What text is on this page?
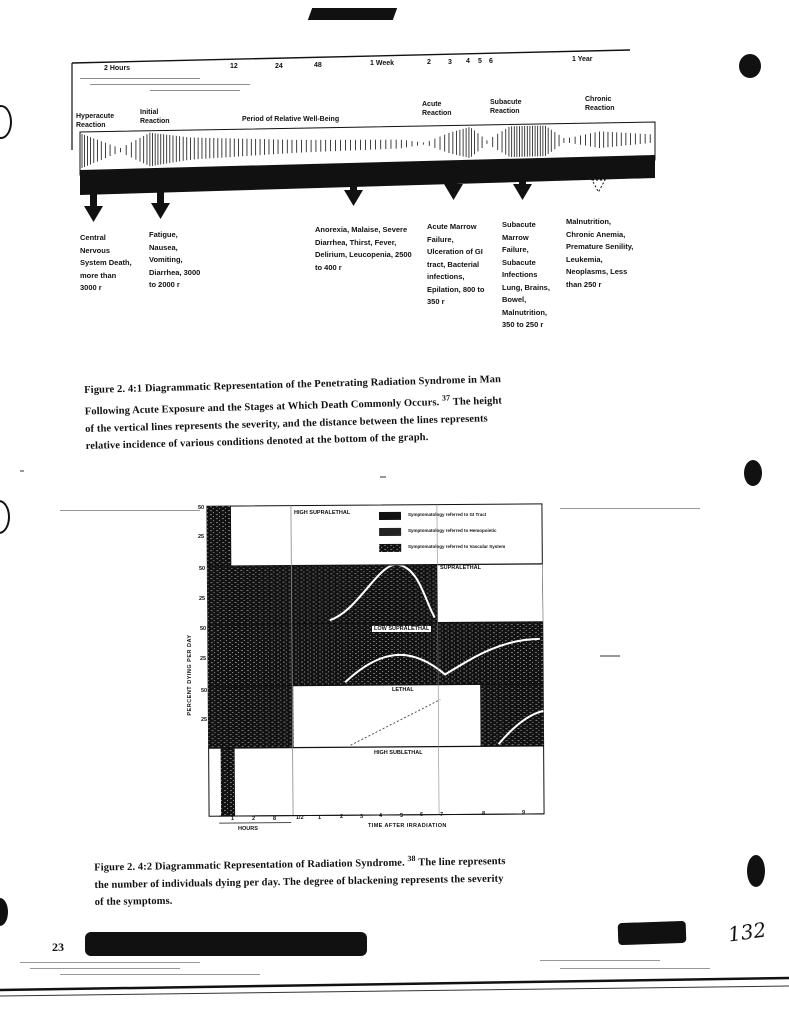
2 Hours	12	24	48	1 Week	2 3 4 5 6	1 Year
Hyperacute Reaction
Initial Reaction	Period of Relative Well-Being
Acute Reaction
Subacute Reaction
Chronic Reaction
Central Nervous System Death, more than 3000 r
Fatigue, Nausea, Vomiting, Diarrhea, 3000 to 2000 r
Anorexia, Malaise, Severe Diarrhea, Thirst, Fever, Delirium, Leucopenia, 2500 to 400 r
Acute Marrow Failure, Ulceration of GI tract, Bacterial infections, Epilation, 800 to 350 r
Subacute Marrow Failure, Subacute Infections Lung, Brains, Bowel, Malnutrition, 350 to 250 r
Malnutrition, Chronic Anemia, Premature Senility, Leukemia, Neoplasms, Less than 250 r
Figure 2. 4:1 Diagrammatic Representation of the Penetrating Radiation Syndrome in Man
Following Acute Exposure and the Stages at Which Death Commonly Occurs. $^{37}$ The height
of the vertical lines represents the severity, and the distance between the lines represents
relative incidence of various conditions denoted at the bottom of the graph.
HIGH SUPRALETHAL
SUPRALETHAL
LOW SUPRALETHAL
LETHAL
HIGH SUBLETHAL
Symptomatology referred to GI Tract
Symptomatology referred to Hemopoietic
Symptomatology referred to Vascular System
PERCENT DYING PER DAY
50
25
50
25
50
25
50
25
1	2	8	1/2	1	2	3	4	5	6	7	8	9
HOURS	TIME AFTER IRRADIATION
Figure 2. 4:2 Diagrammatic Representation of Radiation Syndrome. $^{38}$ The line represents
the number of individuals dying per day. The degree of blackening represents the severity
of the symptoms.
23
132
